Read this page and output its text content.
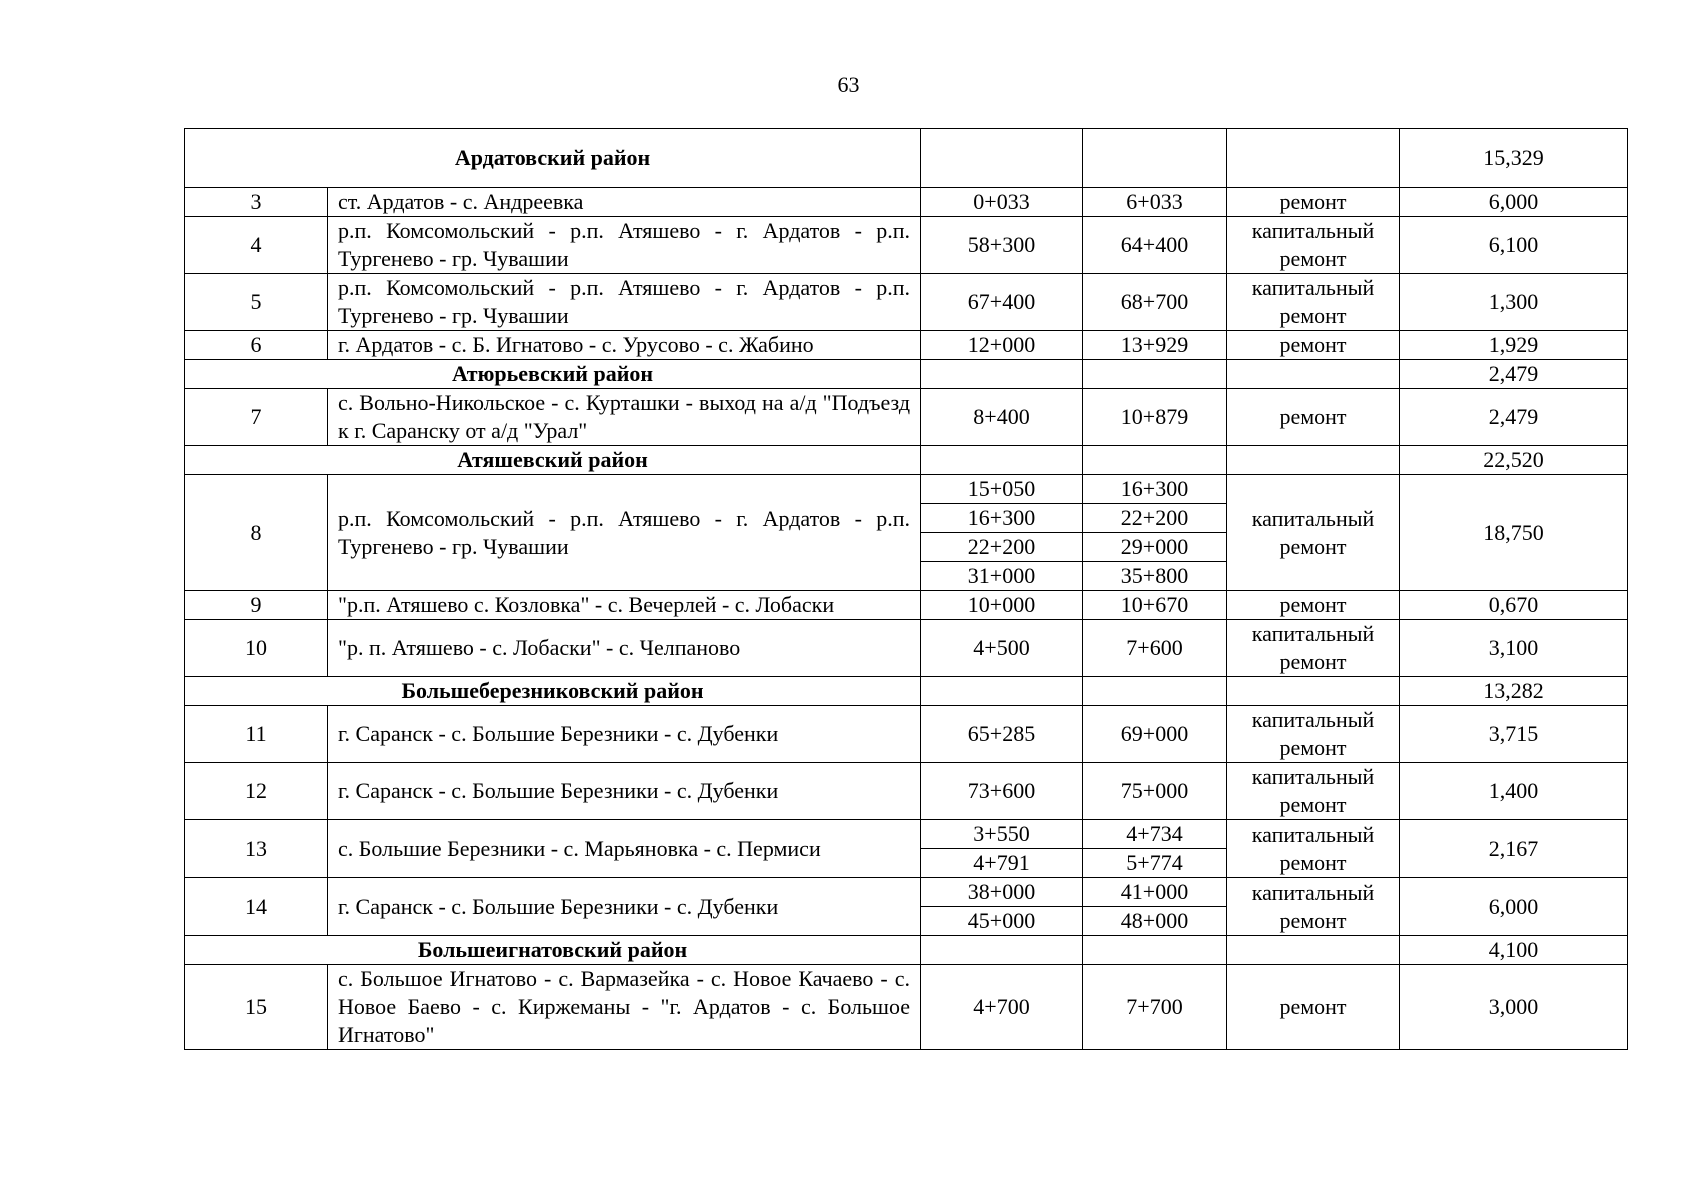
63
Ардатовский район					15,329
3	ст. Ардатов - с. Андреевка	0+033	6+033	ремонт	6,000
4	р.п. Комсомольский - р.п. Атяшево - г. Ардатов - р.п. Тургенево - гр. Чувашии	58+300	64+400	капитальный ремонт	6,100
5	р.п. Комсомольский - р.п. Атяшево - г. Ардатов - р.п. Тургенево - гр. Чувашии	67+400	68+700	капитальный ремонт	1,300
6	г. Ардатов - с. Б. Игнатово - с. Урусово - с. Жабино	12+000	13+929	ремонт	1,929
Атюрьевский район					2,479
7	с. Вольно-Никольское - с. Курташки - выход на а/д "Подъезд к г. Саранску от а/д "Урал"	8+400	10+879	ремонт	2,479
Атяшевский район					22,520
8	р.п. Комсомольский - р.п. Атяшево - г. Ардатов - р.п. Тургенево - гр. Чувашии	15+050	16+300	капитальный ремонт	18,750
		16+300	22+200		
		22+200	29+000		
		31+000	35+800		
9	"р.п. Атяшево с. Козловка" - с. Вечерлей - с. Лобаски	10+000	10+670	ремонт	0,670
10	"р. п. Атяшево - с. Лобаски" - с. Челпаново	4+500	7+600	капитальный ремонт	3,100
Большеберезниковский район					13,282
11	г. Саранск - с. Большие Березники - с. Дубенки	65+285	69+000	капитальный ремонт	3,715
12	г. Саранск - с. Большие Березники - с. Дубенки	73+600	75+000	капитальный ремонт	1,400
13	с. Большие Березники - с. Марьяновка - с. Пермиси	3+550	4+734	капитальный ремонт	2,167
		4+791	5+774		
14	г. Саранск - с. Большие Березники - с. Дубенки	38+000	41+000	капитальный ремонт	6,000
		45+000	48+000		
Большеигнатовский район					4,100
15	с. Большое Игнатово - с. Вармазейка - с. Новое Качаево - с. Новое Баево - с. Киржеманы - "г. Ардатов - с. Большое Игнатово"	4+700	7+700	ремонт	3,000
